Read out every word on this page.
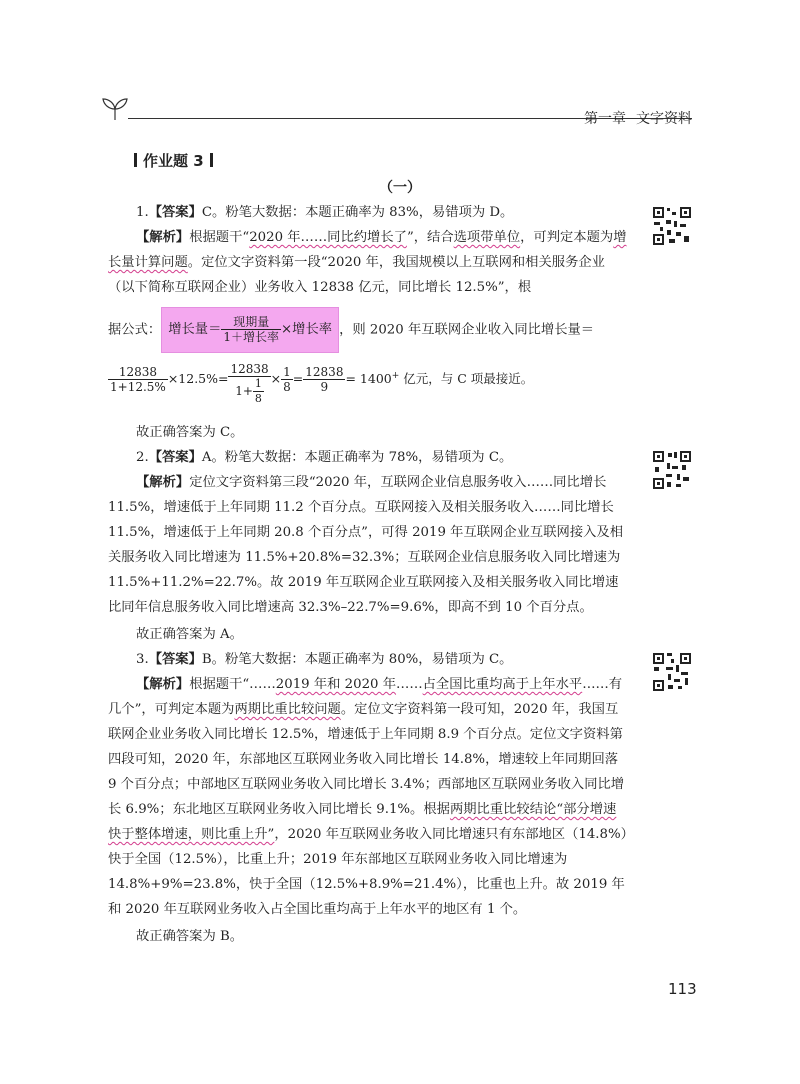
第一章 文字资料
作业题 3
（一）
1.【答案】C。粉笔大数据：本题正确率为 83%，易错项为 D。
【解析】根据题干“2020 年……同比约增长了”，结合选项带单位，可判定本题为增长量计算问题。定位文字资料第一段“2020 年，我国规模以上互联网和相关服务企业（以下简称互联网企业）业务收入 12838 亿元，同比增长 12.5%”，根
据公式： 增长量＝ $\frac{\text{现期量}}{\text{1＋增长率}}$ ×增长率 ，则 2020 年互联网企业收入同比增长量＝
$\frac{12838}{1+12.5\%} \times 12.5\%= \frac{12838}{1+ \frac{1}{8}} \times \frac{1}{8} = \frac{12838}{9} = 1400^+$ 亿元，与 C 项最接近。
故正确答案为 C。
2.【答案】A。粉笔大数据：本题正确率为 78%，易错项为 C。
【解析】定位文字资料第三段“2020 年，互联网企业信息服务收入……同比增长 11.5%，增速低于上年同期 11.2 个百分点。互联网接入及相关服务收入……同比增长 11.5%，增速低于上年同期 20.8 个百分点”，可得 2019 年互联网企业互联网接入及相关服务收入同比增速为 11.5%+20.8%=32.3%；互联网企业信息服务收入同比增速为 11.5%+11.2%=22.7%。故 2019 年互联网企业互联网接入及相关服务收入同比增速比同年信息服务收入同比增速高 32.3%–22.7%=9.6%，即高不到 10 个百分点。
故正确答案为 A。
3.【答案】B。粉笔大数据：本题正确率为 80%，易错项为 C。
【解析】根据题干“……2019 年和 2020 年……占全国比重均高于上年水平……有几个”，可判定本题为两期比重比较问题。定位文字资料第一段可知，2020 年，我国互联网企业业务收入同比增长 12.5%，增速低于上年同期 8.9 个百分点。定位文字资料第四段可知，2020 年，东部地区互联网业务收入同比增长 14.8%，增速较上年同期回落 9 个百分点；中部地区互联网业务收入同比增长 3.4%；西部地区互联网业务收入同比增长 6.9%；东北地区互联网业务收入同比增长 9.1%。根据两期比重比较结论“部分增速快于整体增速，则比重上升”，2020 年互联网业务收入同比增速只有东部地区（14.8%）快于全国（12.5%），比重上升；2019 年东部地区互联网业务收入同比增速为 14.8%+9%=23.8%，快于全国（12.5%+8.9%=21.4%），比重也上升。故 2019 年和 2020 年互联网业务收入占全国比重均高于上年水平的地区有 1 个。
故正确答案为 B。
113
